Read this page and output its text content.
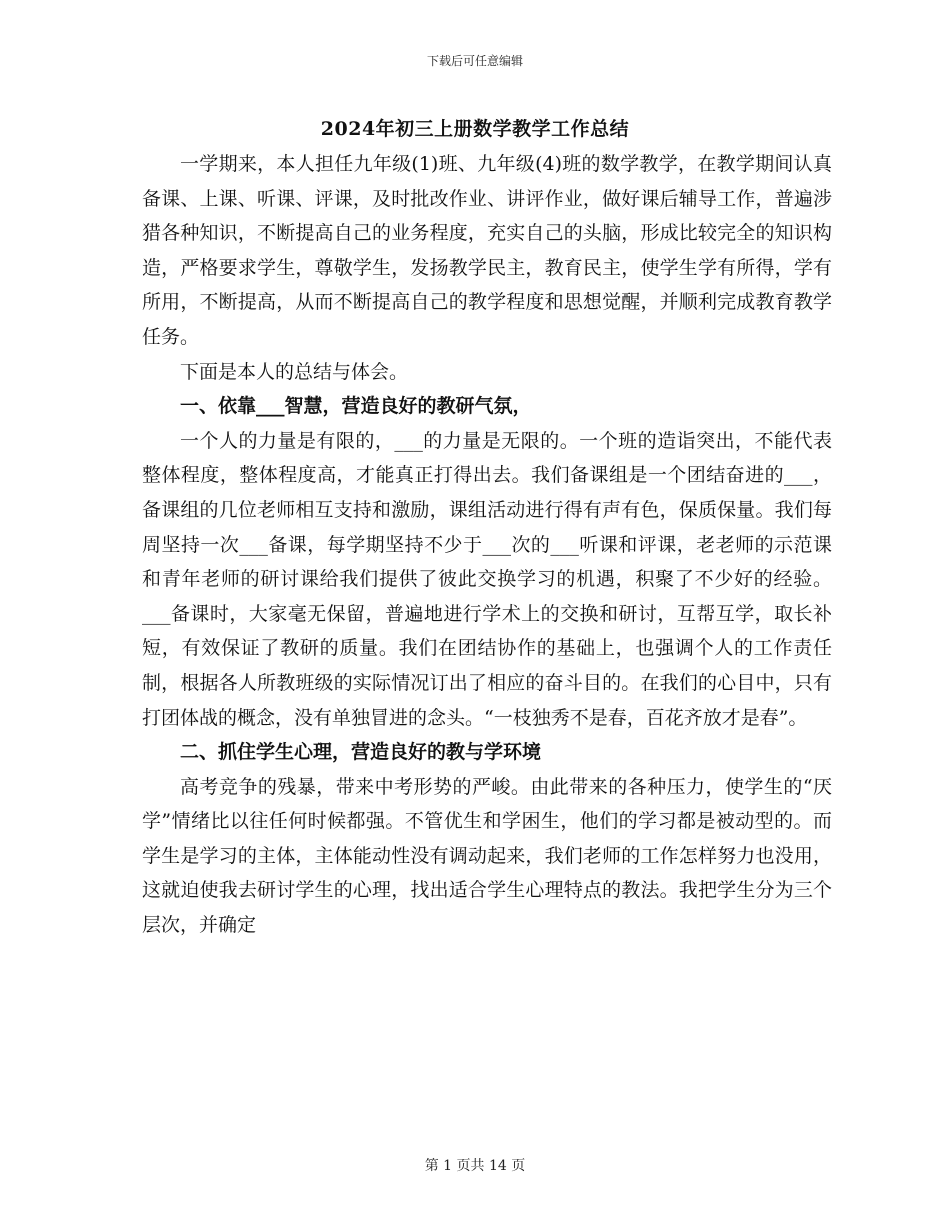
下载后可任意编辑
2024年初三上册数学教学工作总结

一学期来，本人担任九年级(1)班、九年级(4)班的数学教学，在教学期间认真备课、上课、听课、评课，及时批改作业、讲评作业，做好课后辅导工作，普遍涉猎各种知识，不断提高自己的业务程度，充实自己的头脑，形成比较完全的知识构造，严格要求学生，尊敬学生，发扬教学民主，教育民主，使学生学有所得，学有所用，不断提高，从而不断提高自己的教学程度和思想觉醒，并顺利完成教育教学任务。

下面是本人的总结与体会。

一、依靠___智慧，营造良好的教研气氛，

一个人的力量是有限的，___的力量是无限的。一个班的造诣突出，不能代表整体程度，整体程度高，才能真正打得出去。我们备课组是一个团结奋进的___，备课组的几位老师相互支持和激励，课组活动进行得有声有色，保质保量。我们每周坚持一次___备课，每学期坚持不少于___次的___听课和评课，老老师的示范课和青年老师的研讨课给我们提供了彼此交换学习的机遇，积聚了不少好的经验。___备课时，大家毫无保留，普遍地进行学术上的交换和研讨，互帮互学，取长补短，有效保证了教研的质量。我们在团结协作的基础上，也强调个人的工作责任制，根据各人所教班级的实际情况订出了相应的奋斗目的。在我们的心目中，只有打团体战的概念，没有单独冒进的念头。“一枝独秀不是春，百花齐放才是春”。

二、抓住学生心理，营造良好的教与学环境

高考竞争的残暴，带来中考形势的严峻。由此带来的各种压力，使学生的“厌学”情绪比以往任何时候都强。不管优生和学困生，他们的学习都是被动型的。而学生是学习的主体，主体能动性没有调动起来，我们老师的工作怎样努力也没用，这就迫使我去研讨学生的心理，找出适合学生心理特点的教法。我把学生分为三个层次，并确定

第 1 页共 14 页
